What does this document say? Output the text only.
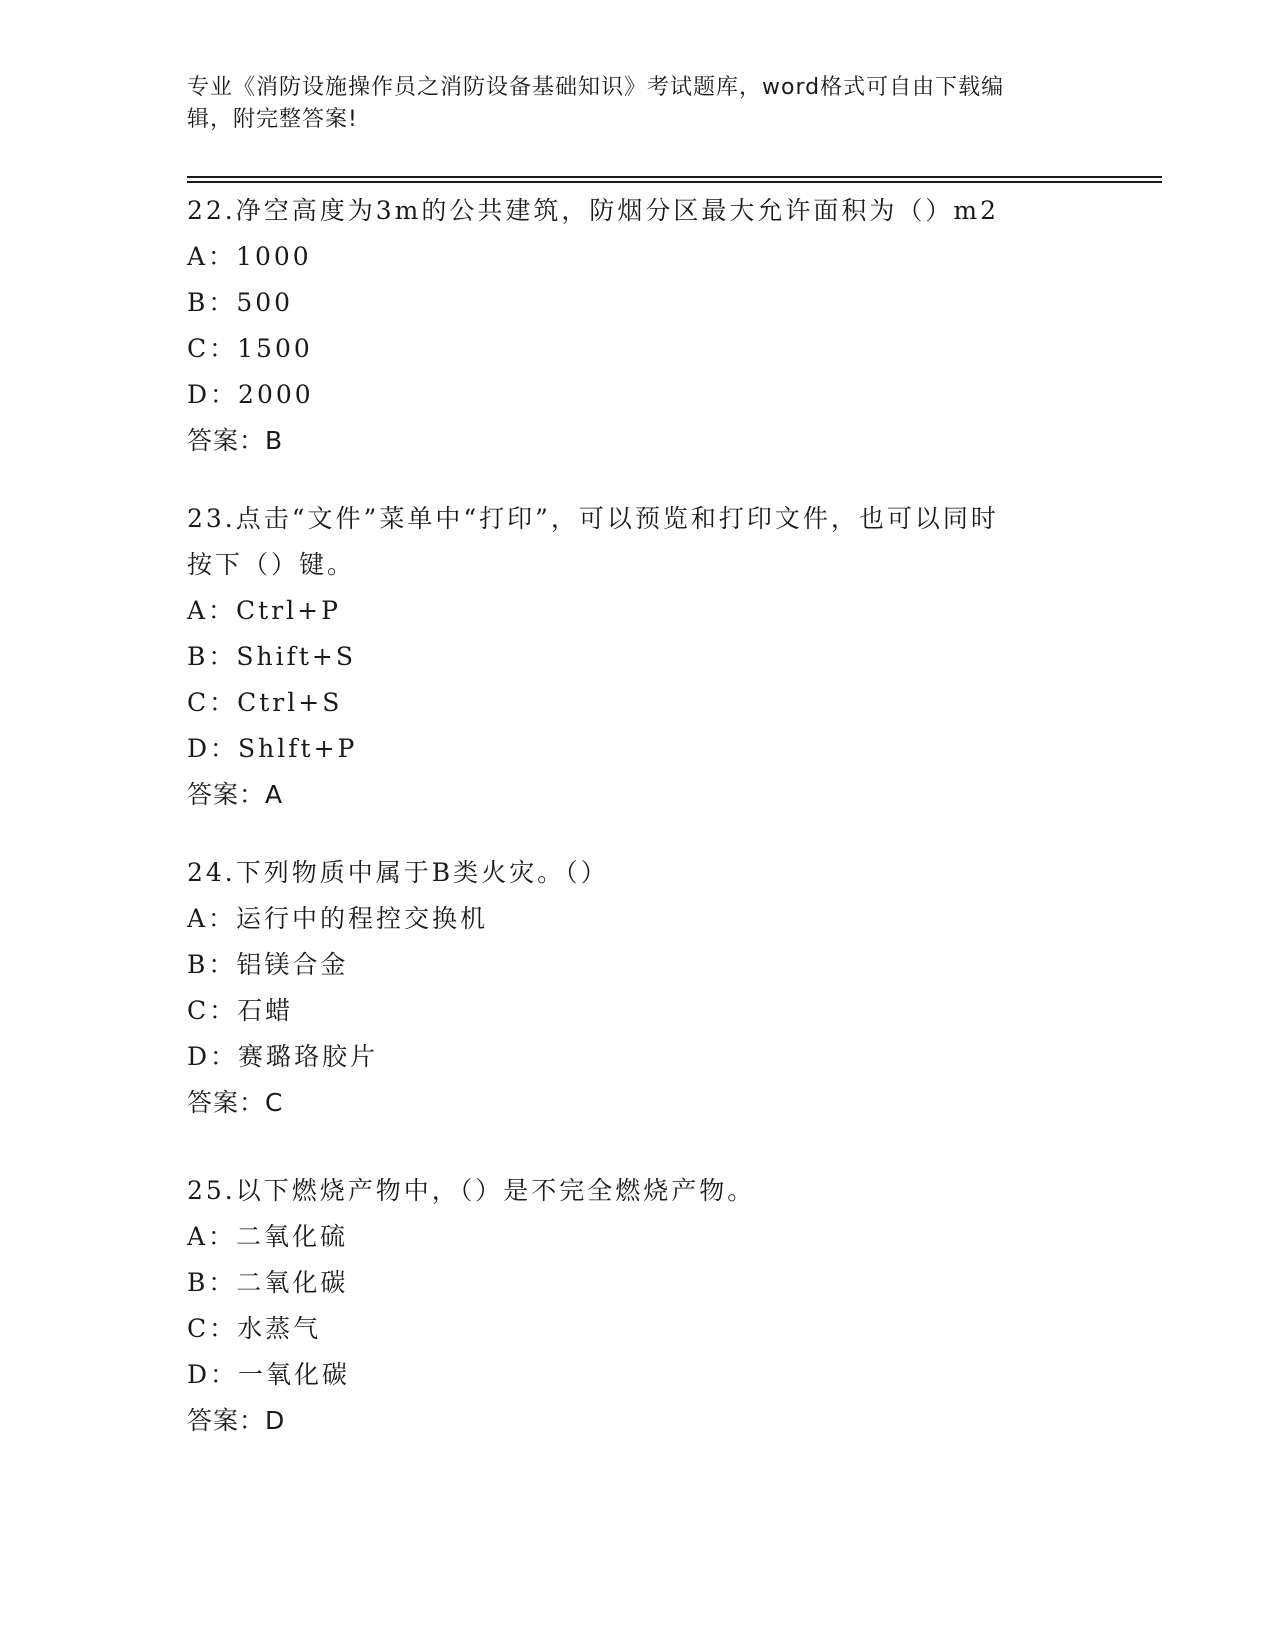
专业《消防设施操作员之消防设备基础知识》考试题库，word格式可自由下载编
辑，附完整答案!
22.净空高度为3m的公共建筑，防烟分区最大允许面积为（）m2
A：1000
B：500
C：1500
D：2000
答案：B
23.点击“文件”菜单中“打印”，可以预览和打印文件，也可以同时
按下（）键。
A：Ctrl+P
B：Shift+S
C：Ctrl+S
D：Shlft+P
答案：A
24.下列物质中属于B类火灾。（）
A：运行中的程控交换机
B：铝镁合金
C：石蜡
D：赛璐珞胶片
答案：C
25.以下燃烧产物中，（）是不完全燃烧产物。
A：二氧化硫
B：二氧化碳
C：水蒸气
D：一氧化碳
答案：D
